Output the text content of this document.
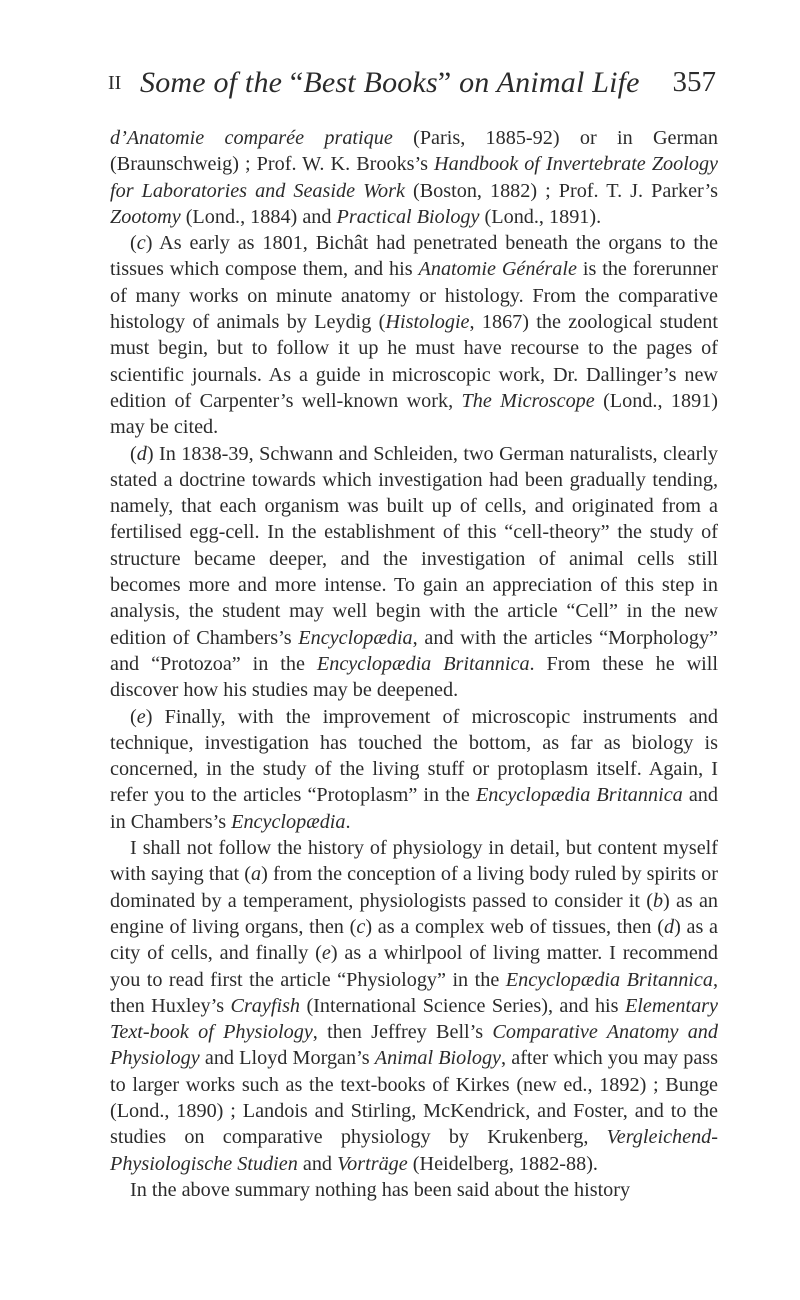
II Some of the “Best Books” on Animal Life 357

d’Anatomie comparée pratique (Paris, 1885-92) or in German (Braunschweig) ; Prof. W. K. Brooks’s Handbook of Invertebrate Zoology for Laboratories and Seaside Work (Boston, 1882) ; Prof. T. J. Parker’s Zootomy (Lond., 1884) and Practical Biology (Lond., 1891).

(c) As early as 1801, Bichât had penetrated beneath the organs to the tissues which compose them, and his Anatomie Générale is the forerunner of many works on minute anatomy or histology. From the comparative histology of animals by Leydig (Histologie, 1867) the zoological student must begin, but to follow it up he must have recourse to the pages of scientific journals. As a guide in microscopic work, Dr. Dallinger’s new edition of Carpenter’s well-known work, The Microscope (Lond., 1891) may be cited.

(d) In 1838-39, Schwann and Schleiden, two German naturalists, clearly stated a doctrine towards which investigation had been gradually tending, namely, that each organism was built up of cells, and originated from a fertilised egg-cell. In the establishment of this “cell-theory” the study of structure became deeper, and the investigation of animal cells still becomes more and more intense. To gain an appreciation of this step in analysis, the student may well begin with the article “Cell” in the new edition of Chambers’s Encyclopædia, and with the articles “Morphology” and “Protozoa” in the Encyclopædia Britannica. From these he will discover how his studies may be deepened.

(e) Finally, with the improvement of microscopic instruments and technique, investigation has touched the bottom, as far as biology is concerned, in the study of the living stuff or protoplasm itself. Again, I refer you to the articles “Protoplasm” in the Encyclopædia Britannica and in Chambers’s Encyclopædia.

I shall not follow the history of physiology in detail, but content myself with saying that (a) from the conception of a living body ruled by spirits or dominated by a temperament, physiologists passed to consider it (b) as an engine of living organs, then (c) as a complex web of tissues, then (d) as a city of cells, and finally (e) as a whirlpool of living matter. I recommend you to read first the article “Physiology” in the Encyclopædia Britannica, then Huxley’s Crayfish (International Science Series), and his Elementary Text-book of Physiology, then Jeffrey Bell’s Comparative Anatomy and Physiology and Lloyd Morgan’s Animal Biology, after which you may pass to larger works such as the text-books of Kirkes (new ed., 1892) ; Bunge (Lond., 1890) ; Landois and Stirling, McKendrick, and Foster, and to the studies on comparative physiology by Krukenberg, Vergleichend-Physiologische Studien and Vorträge (Heidelberg, 1882-88).

In the above summary nothing has been said about the history
